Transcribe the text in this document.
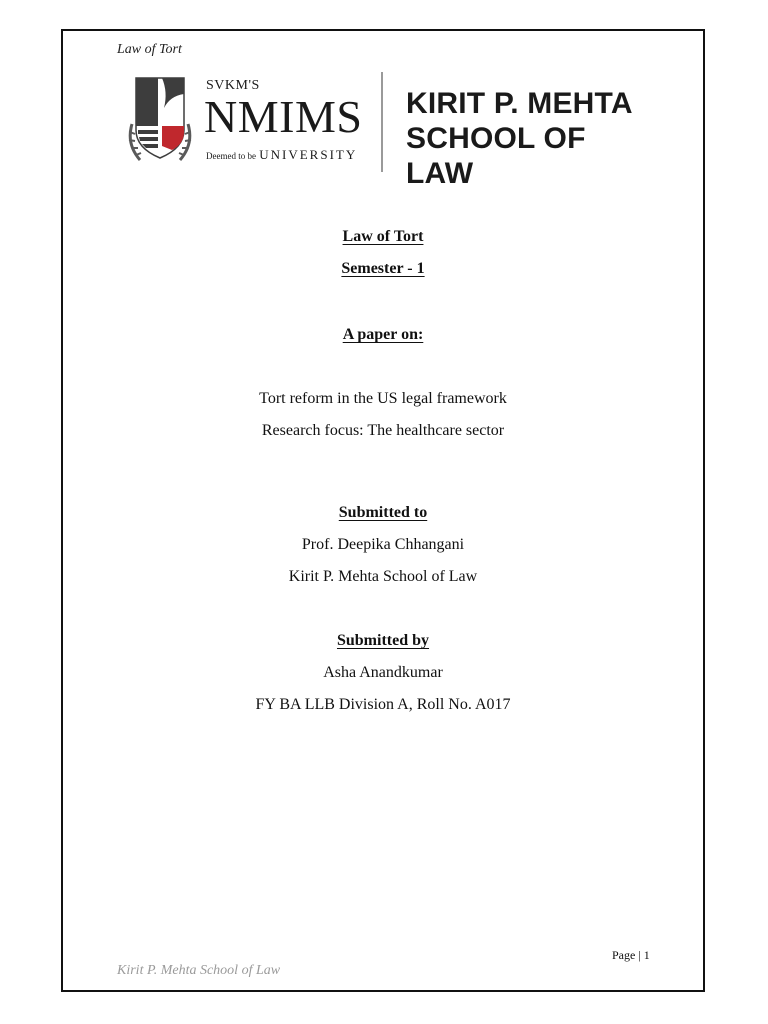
Law of Tort
SVKM'S
NMIMS
Deemed to be UNIVERSITY
KIRIT P. MEHTA
SCHOOL OF LAW
Law of Tort
Semester - 1
A paper on:
Tort reform in the US legal framework
Research focus: The healthcare sector
Submitted to
Prof. Deepika Chhangani
Kirit P. Mehta School of Law
Submitted by
Asha Anandkumar
FY BA LLB Division A, Roll No. A017
Page | 1
Kirit P. Mehta School of Law
